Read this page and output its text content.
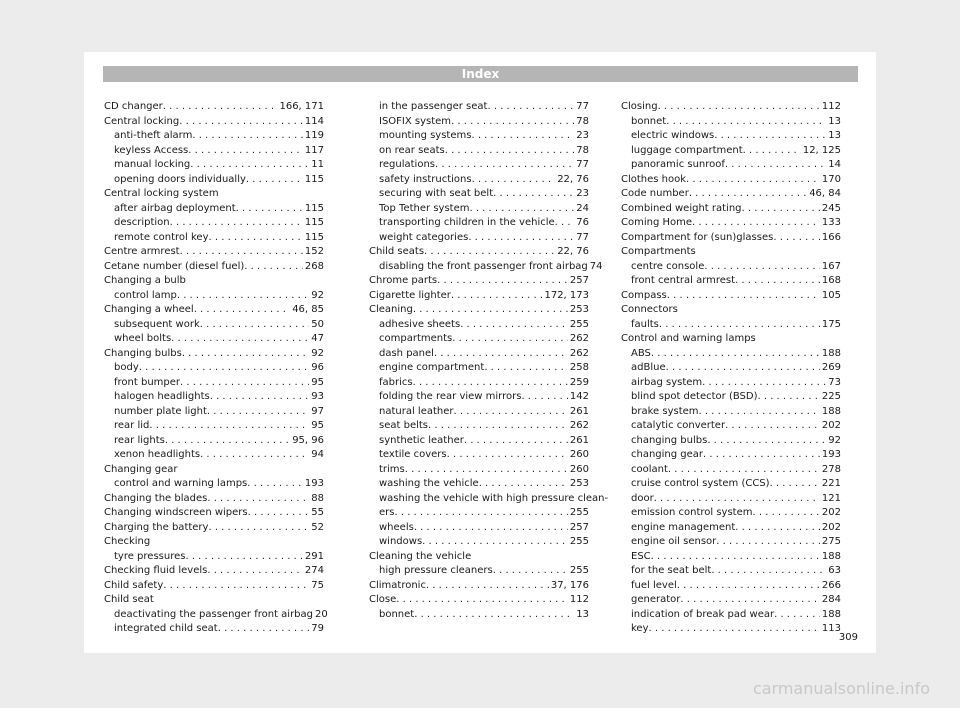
Index
CD changer . . .	166, 171
Central locking . . .	114
anti-theft alarm . . .	119
keyless Access . . .	117
manual locking . . .	11
opening doors individually . . .	115
Central locking system
after airbag deployment . . .	115
description . . .	115
remote control key . . .	115
Centre armrest . . .	152
Cetane number (diesel fuel) . . .	268
Changing a bulb
control lamp . . .	92
Changing a wheel . . .	46, 85
subsequent work . . .	50
wheel bolts . . .	47
Changing bulbs . . .	92
body . . .	96
front bumper . . .	95
halogen headlights . . .	93
number plate light . . .	97
rear lid . . .	95
rear lights . . .	95, 96
xenon headlights . . .	94
Changing gear
control and warning lamps . . .	193
Changing the blades . . .	88
Changing windscreen wipers . . .	55
Charging the battery . . .	52
Checking
tyre pressures . . .	291
Checking fluid levels . . .	274
Child safety . . .	75
Child seat
deactivating the passenger front airbag 20
integrated child seat . . .	79
in the passenger seat . . .	77
ISOFIX system . . .	78
mounting systems . . .	23
on rear seats . . .	78
regulations . . .	77
safety instructions . . .	22, 76
securing with seat belt . . .	23
Top Tether system . . .	24
transporting children in the vehicle . . . 76
weight categories . . .	77
Child seats . . .	22, 76
disabling the front passenger front airbag 74
Chrome parts . . .	257
Cigarette lighter . . .	172, 173
Cleaning . . .	253
adhesive sheets . . .	255
compartments . . .	262
dash panel . . .	262
engine compartment . . .	258
fabrics . . .	259
folding the rear view mirrors . . .	142
natural leather . . .	261
seat belts . . .	262
synthetic leather . . .	261
textile covers . . .	260
trims . . .	260
washing the vehicle . . .	253
washing the vehicle with high pressure clean-
ers . . .	255
wheels . . .	257
windows . . .	255
Cleaning the vehicle
high pressure cleaners . . .	255
Climatronic . . .	37, 176
Close . . .	112
bonnet . . .	13
Closing . . .	112
bonnet . . .	13
electric windows . . .	13
luggage compartment . . .	12, 125
panoramic sunroof . . .	14
Clothes hook . . .	170
Code number . . .	46, 84
Combined weight rating . . .	245
Coming Home . . .	133
Compartment for (sun)glasses . . .	166
Compartments
centre console . . .	167
front central armrest . . .	168
Compass . . .	105
Connectors
faults . . .	175
Control and warning lamps
ABS . . .	188
adBlue . . .	269
airbag system . . .	73
blind spot detector (BSD) . . .	225
brake system . . .	188
catalytic converter . . .	202
changing bulbs . . .	92
changing gear . . .	193
coolant . . .	278
cruise control system (CCS) . . .	221
door . . .	121
emission control system . . .	202
engine management . . .	202
engine oil sensor . . .	275
ESC . . .	188
for the seat belt . . .	63
fuel level . . .	266
generator . . .	284
indication of break pad wear . . .	188
key . . .	113
309
carmanualsonline.info
